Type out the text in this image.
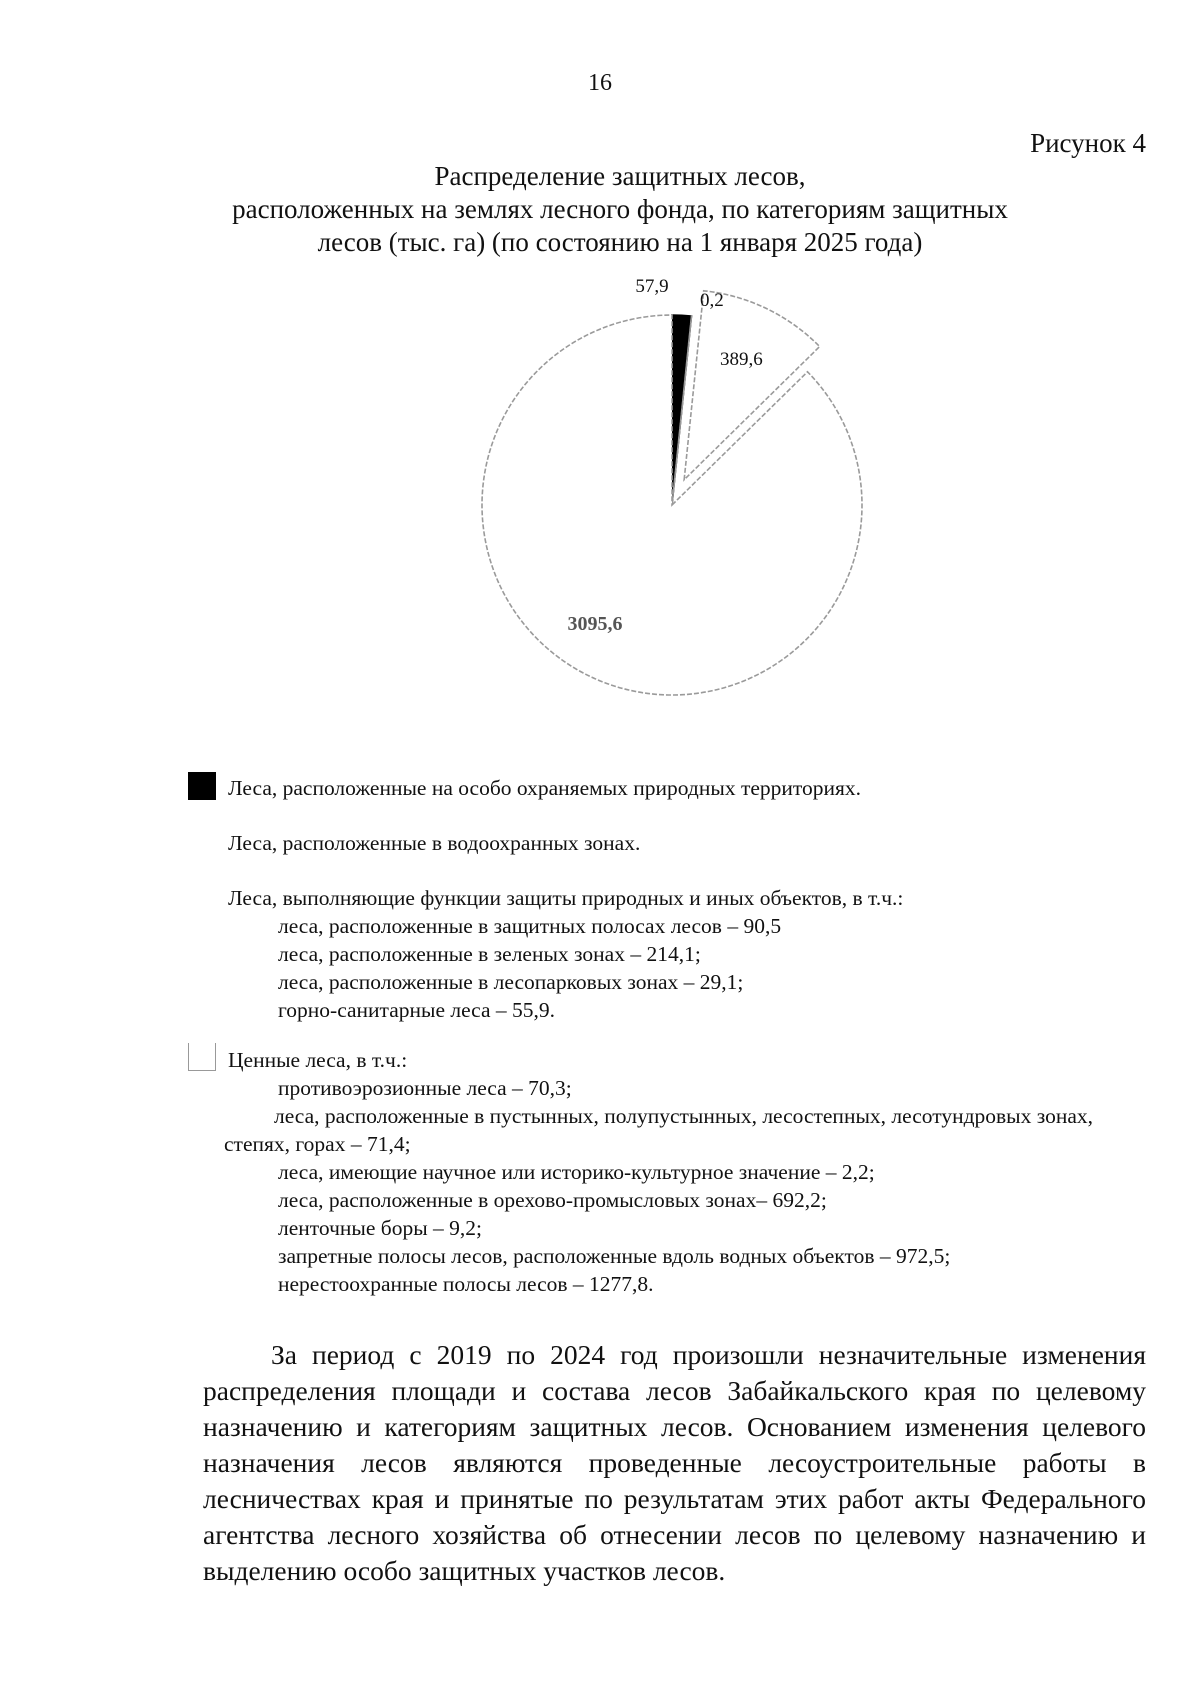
16
Рисунок 4
Распределение защитных лесов,
расположенных на землях лесного фонда, по категориям защитных
лесов (тыс. га) (по состоянию на 1 января 2025 года)
57,9
0,2
389,6
3095,6
Леса, расположенные на особо охраняемых природных территориях.
Леса, расположенные в водоохранных зонах.
Леса, выполняющие функции защиты природных и иных объектов, в т.ч.:
леса, расположенные в защитных полосах лесов – 90,5
леса, расположенные в зеленых зонах – 214,1;
леса, расположенные в лесопарковых зонах – 29,1;
горно-санитарные леса – 55,9.
Ценные леса, в т.ч.:
противоэрозионные леса – 70,3;
леса, расположенные в пустынных, полупустынных, лесостепных, лесотундровых зонах, степях, горах – 71,4;
леса, имеющие научное или историко-культурное значение – 2,2;
леса, расположенные в орехово-промысловых зонах– 692,2;
ленточные боры – 9,2;
запретные полосы лесов, расположенные вдоль водных объектов – 972,5;
нерестоохранные полосы лесов – 1277,8.
За период с 2019 по 2024 год произошли незначительные изменения распределения площади и состава лесов Забайкальского края по целевому назначению и категориям защитных лесов. Основанием изменения целевого назначения лесов являются проведенные лесоустроительные работы в лесничествах края и принятые по результатам этих работ акты Федерального агентства лесного хозяйства об отнесении лесов по целевому назначению и выделению особо защитных участков лесов.
